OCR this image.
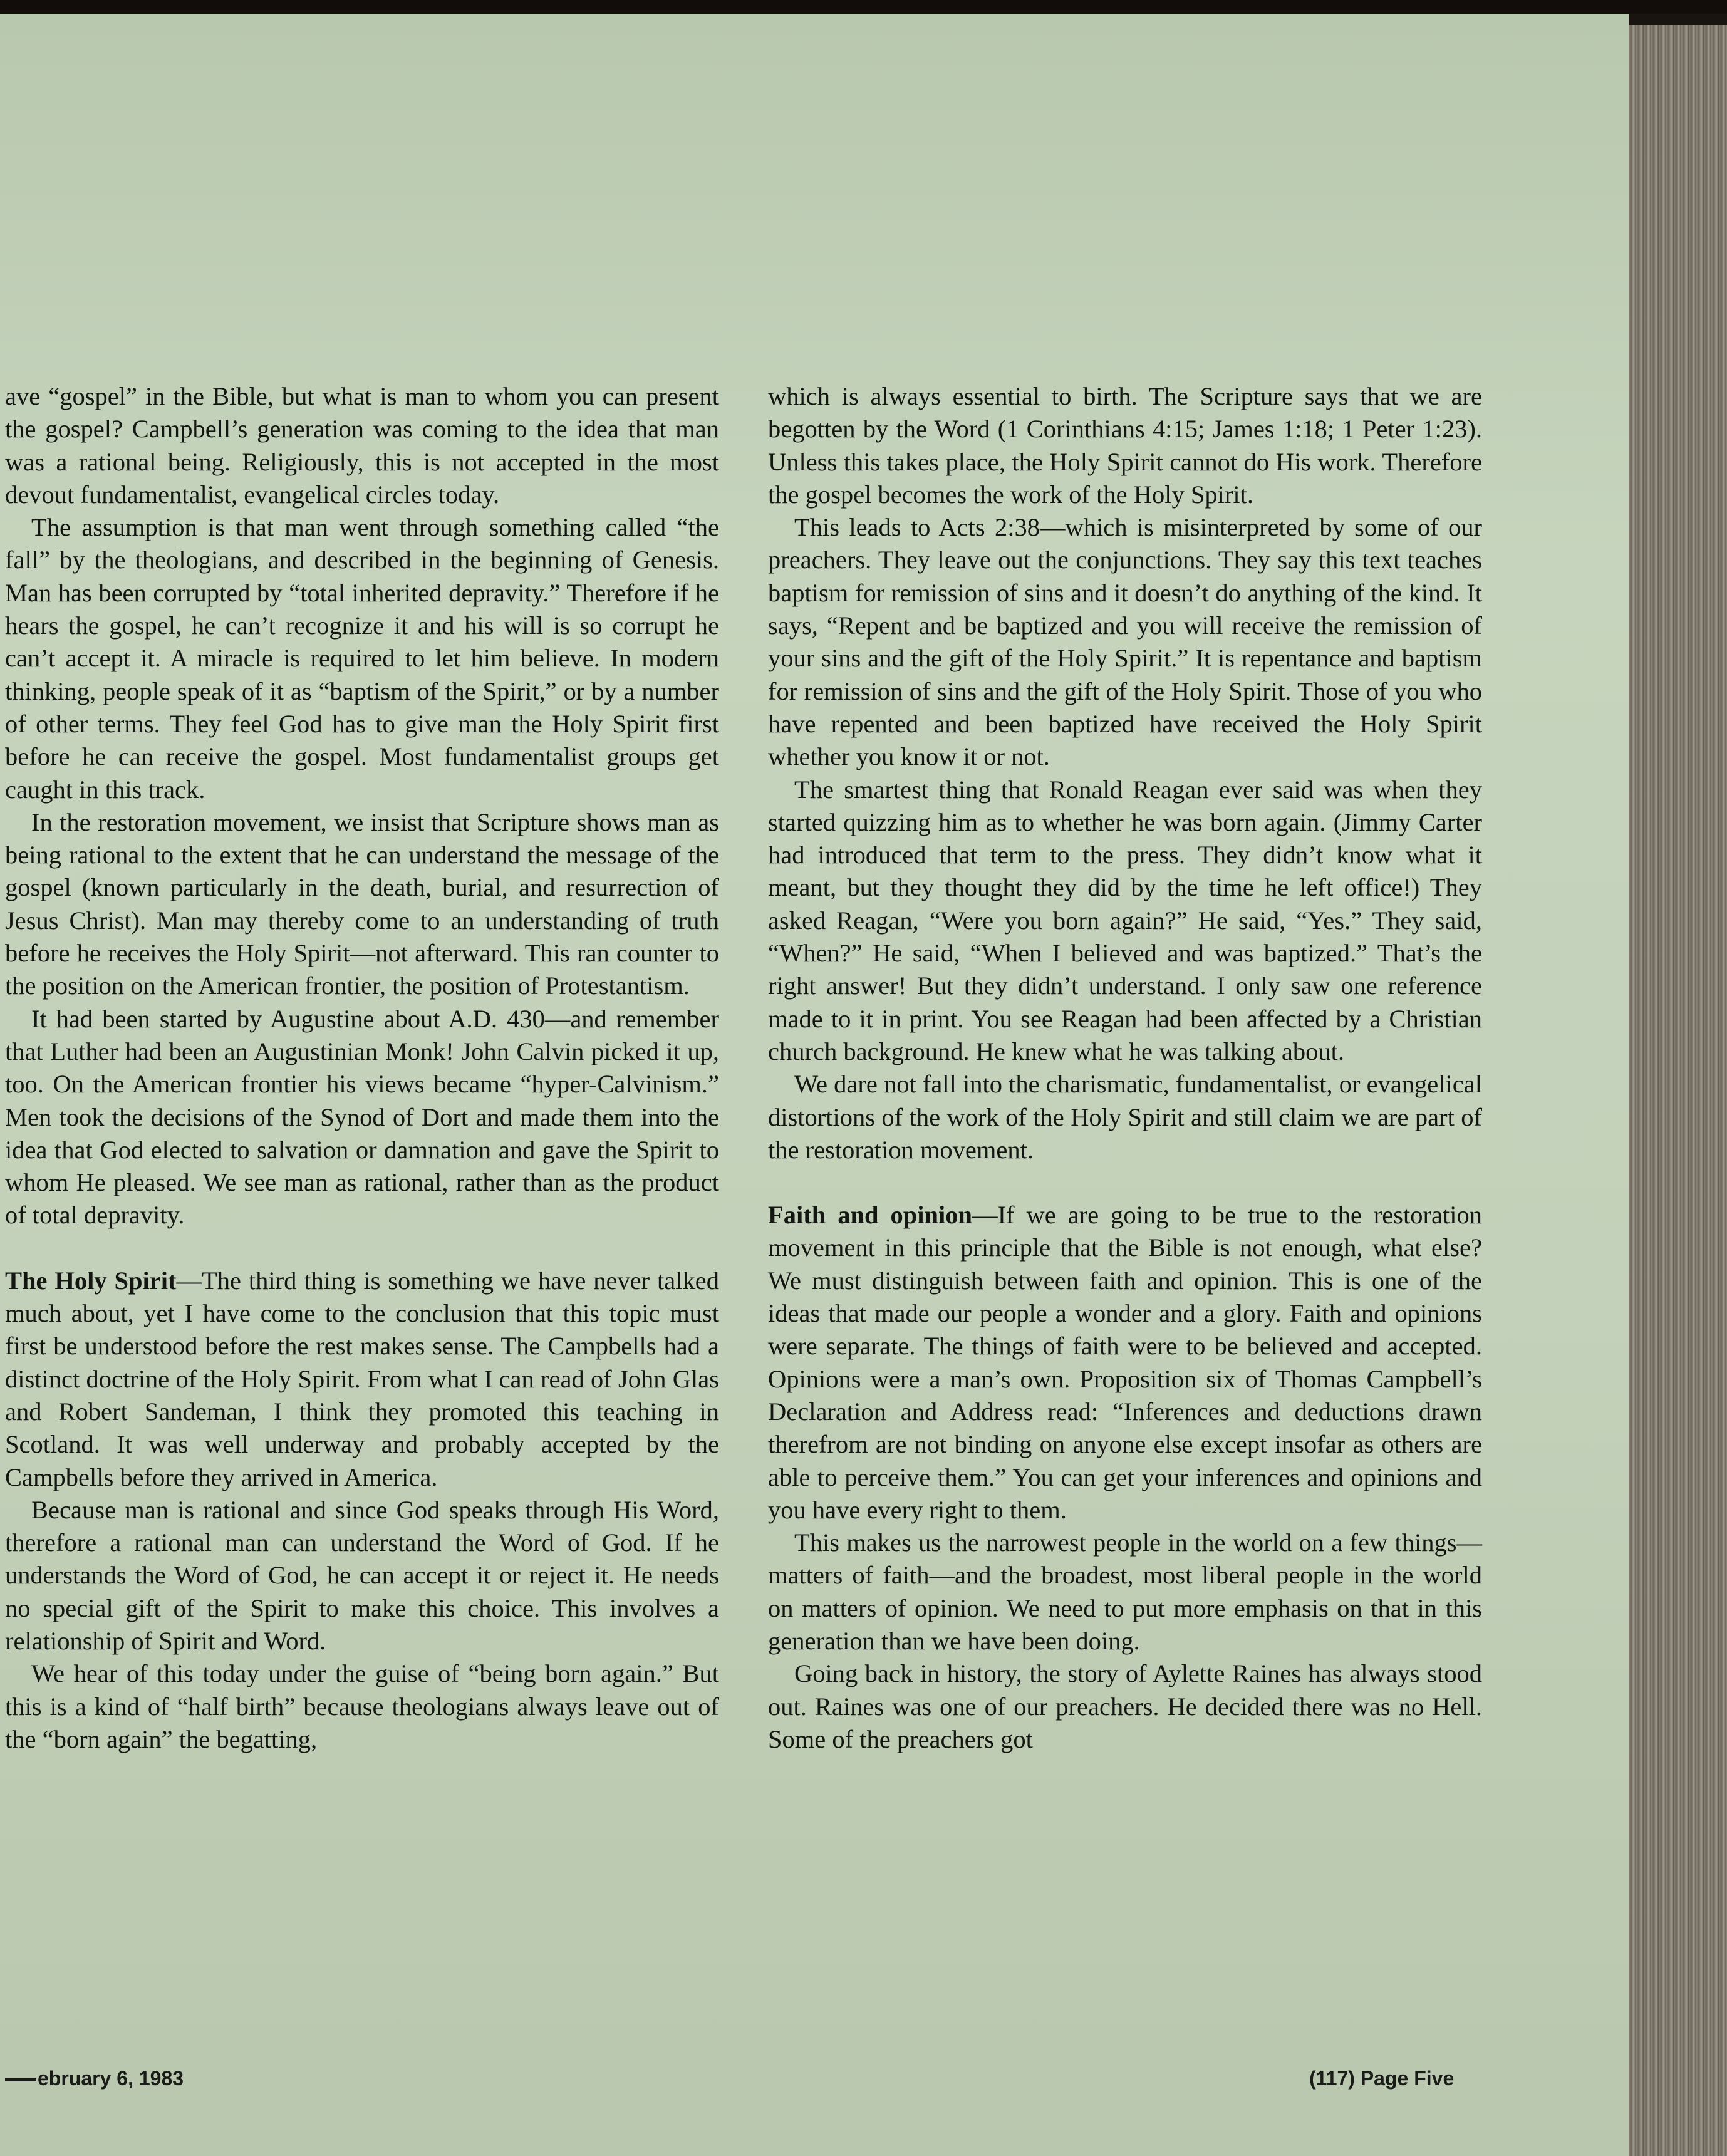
ave “gospel” in the Bible, but what is man to whom you can present the gospel? Campbell’s generation was coming to the idea that man was a rational being. Religiously, this is not accepted in the most devout fundamentalist, evangelical circles today.

The assumption is that man went through something called “the fall” by the theologians, and described in the beginning of Genesis. Man has been corrupted by “total inherited depravity.” Therefore if he hears the gospel, he can’t recognize it and his will is so corrupt he can’t accept it. A miracle is required to let him believe. In modern thinking, people speak of it as “baptism of the Spirit,” or by a number of other terms. They feel God has to give man the Holy Spirit first before he can receive the gospel. Most fundamentalist groups get caught in this track.

In the restoration movement, we insist that Scripture shows man as being rational to the extent that he can understand the message of the gospel (known particularly in the death, burial, and resurrection of Jesus Christ). Man may thereby come to an understanding of truth before he receives the Holy Spirit—not afterward. This ran counter to the position on the American frontier, the position of Protestantism.

It had been started by Augustine about A.D. 430—and remember that Luther had been an Augustinian Monk! John Calvin picked it up, too. On the American frontier his views became “hyper-Calvinism.” Men took the decisions of the Synod of Dort and made them into the idea that God elected to salvation or damnation and gave the Spirit to whom He pleased. We see man as rational, rather than as the product of total depravity.

The Holy Spirit—The third thing is something we have never talked much about, yet I have come to the conclusion that this topic must first be understood before the rest makes sense. The Campbells had a distinct doctrine of the Holy Spirit. From what I can read of John Glas and Robert Sandeman, I think they promoted this teaching in Scotland. It was well underway and probably accepted by the Campbells before they arrived in America.

Because man is rational and since God speaks through His Word, therefore a rational man can understand the Word of God. If he understands the Word of God, he can accept it or reject it. He needs no special gift of the Spirit to make this choice. This involves a relationship of Spirit and Word.

We hear of this today under the guise of “being born again.” But this is a kind of “half birth” because theologians always leave out of the “born again” the begatting,

which is always essential to birth. The Scripture says that we are begotten by the Word (1 Corinthians 4:15; James 1:18; 1 Peter 1:23). Unless this takes place, the Holy Spirit cannot do His work. Therefore the gospel becomes the work of the Holy Spirit.

This leads to Acts 2:38—which is misinterpreted by some of our preachers. They leave out the conjunctions. They say this text teaches baptism for remission of sins and it doesn’t do anything of the kind. It says, “Repent and be baptized and you will receive the remission of your sins and the gift of the Holy Spirit.” It is repentance and baptism for remission of sins and the gift of the Holy Spirit. Those of you who have repented and been baptized have received the Holy Spirit whether you know it or not.

The smartest thing that Ronald Reagan ever said was when they started quizzing him as to whether he was born again. (Jimmy Carter had introduced that term to the press. They didn’t know what it meant, but they thought they did by the time he left office!) They asked Reagan, “Were you born again?” He said, “Yes.” They said, “When?” He said, “When I believed and was baptized.” That’s the right answer! But they didn’t understand. I only saw one reference made to it in print. You see Reagan had been affected by a Christian church background. He knew what he was talking about.

We dare not fall into the charismatic, fundamentalist, or evangelical distortions of the work of the Holy Spirit and still claim we are part of the restoration movement.

Faith and opinion—If we are going to be true to the restoration movement in this principle that the Bible is not enough, what else? We must distinguish between faith and opinion. This is one of the ideas that made our people a wonder and a glory. Faith and opinions were separate. The things of faith were to be believed and accepted. Opinions were a man’s own. Proposition six of Thomas Campbell’s Declaration and Address read: “Inferences and deductions drawn therefrom are not binding on anyone else except insofar as others are able to perceive them.” You can get your inferences and opinions and you have every right to them.

This makes us the narrowest people in the world on a few things—matters of faith—and the broadest, most liberal people in the world on matters of opinion. We need to put more emphasis on that in this generation than we have been doing.

Going back in history, the story of Aylette Raines has always stood out. Raines was one of our preachers. He decided there was no Hell. Some of the preachers got

ebruary 6, 1983	(117) Page Five
